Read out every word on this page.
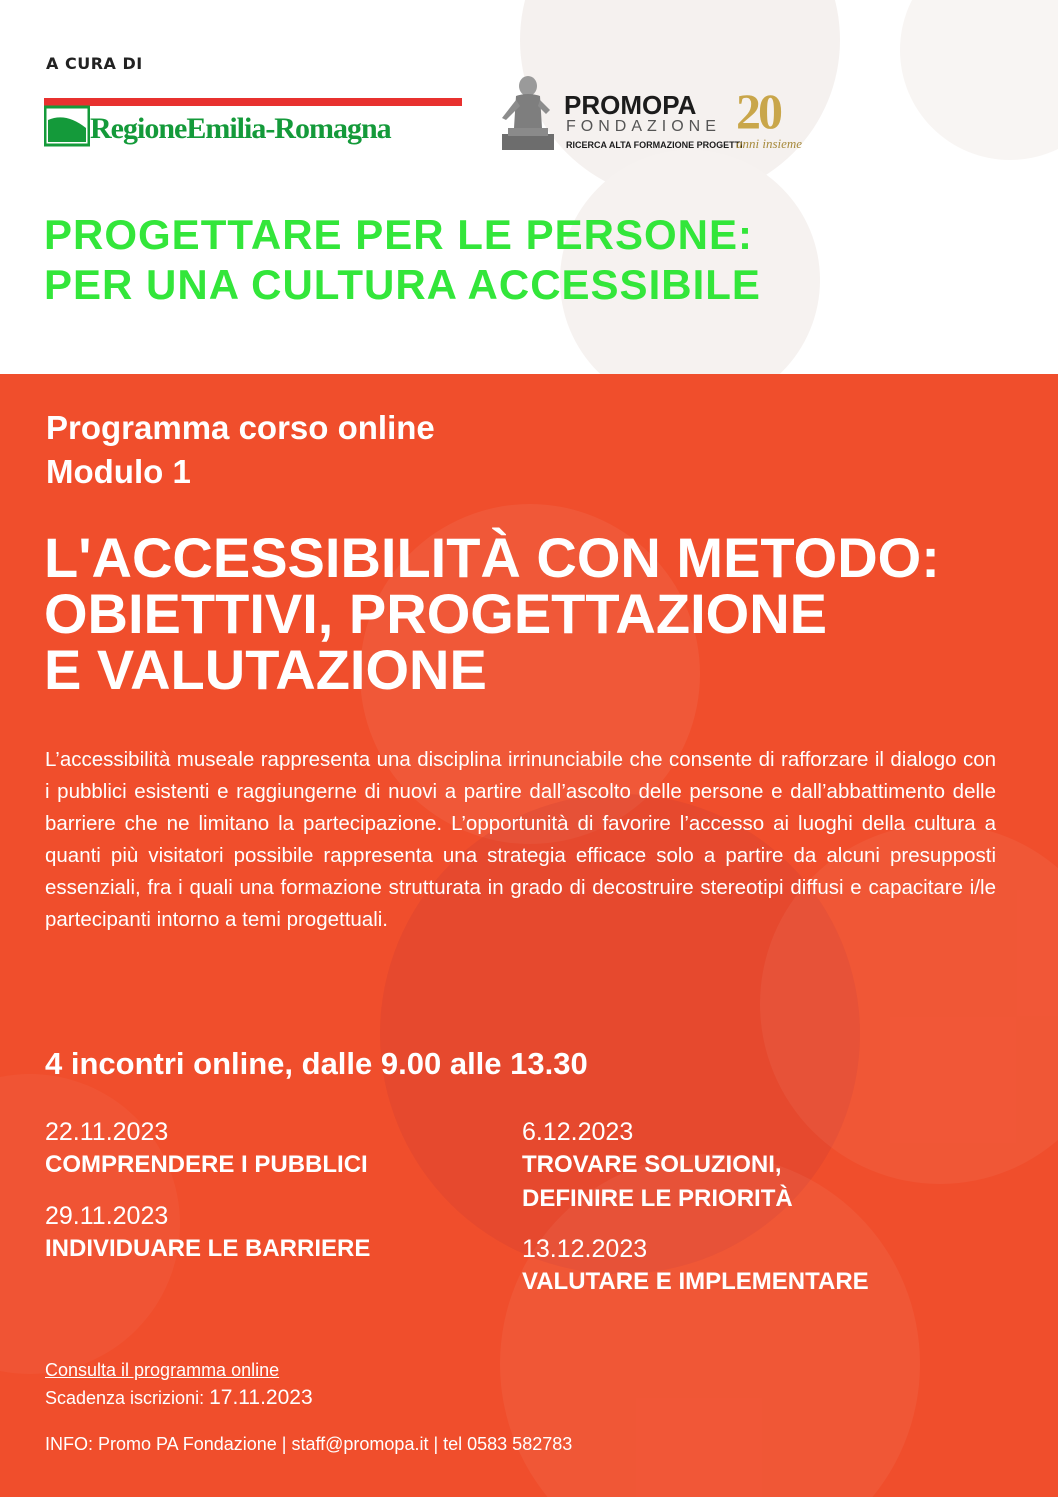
A CURA DI
RegioneEmilia-Romagna
PROMOPA
FONDAZIONE
RICERCA ALTA FORMAZIONE PROGETTI
20
anni insieme
PROGETTARE PER LE PERSONE:
PER UNA CULTURA ACCESSIBILE
Programma corso online
Modulo 1
L'ACCESSIBILITÀ CON METODO:
OBIETTIVI, PROGETTAZIONE
E VALUTAZIONE
L’accessibilità museale rappresenta una disciplina irrinunciabile che consente di rafforzare il dialogo con i pubblici esistenti e raggiungerne di nuovi a partire dall’ascolto delle persone e dall’abbattimento delle barriere che ne limitano la partecipazione. L’opportunità di favorire l’accesso ai luoghi della cultura a quanti più visitatori possibile rappresenta una strategia efficace solo a partire da alcuni presupposti essenziali, fra i quali una formazione strutturata in grado di decostruire stereotipi diffusi e capacitare i/le partecipanti intorno a temi progettuali.
4 incontri online, dalle 9.00 alle 13.30
22.11.2023
COMPRENDERE I PUBBLICI
29.11.2023
INDIVIDUARE LE BARRIERE
6.12.2023
TROVARE SOLUZIONI,
DEFINIRE LE PRIORITÀ
13.12.2023
VALUTARE E IMPLEMENTARE
Consulta il programma online
Scadenza iscrizioni: 17.11.2023
INFO: Promo PA Fondazione | staff@promopa.it | tel 0583 582783
